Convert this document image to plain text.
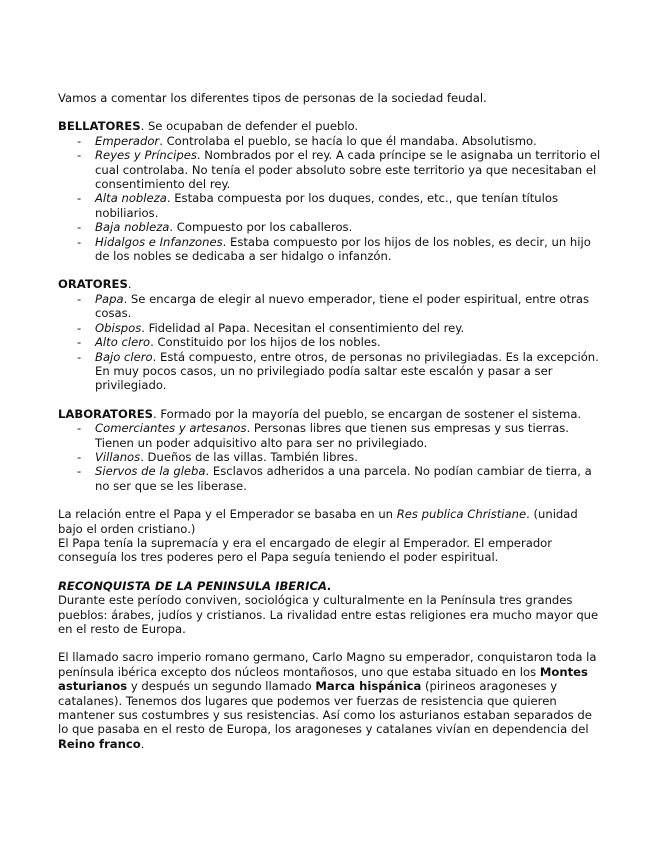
Vamos a comentar los diferentes tipos de personas de la sociedad feudal.

BELLATORES. Se ocupaban de defender el pueblo.

- Emperador. Controlaba el pueblo, se hacía lo que él mandaba. Absolutismo.
- Reyes y Príncipes. Nombrados por el rey. A cada príncipe se le asignaba un territorio el cual controlaba. No tenía el poder absoluto sobre este territorio ya que necesitaban el consentimiento del rey.
- Alta nobleza. Estaba compuesta por los duques, condes, etc., que tenían títulos nobiliarios.
- Baja nobleza. Compuesto por los caballeros.
- Hidalgos e Infanzones. Estaba compuesto por los hijos de los nobles, es decir, un hijo de los nobles se dedicaba a ser hidalgo o infanzón.

ORATORES.

- Papa. Se encarga de elegir al nuevo emperador, tiene el poder espiritual, entre otras cosas.
- Obispos. Fidelidad al Papa. Necesitan el consentimiento del rey.
- Alto clero. Constituido por los hijos de los nobles.
- Bajo clero. Está compuesto, entre otros, de personas no privilegiadas. Es la excepción. En muy pocos casos, un no privilegiado podía saltar este escalón y pasar a ser privilegiado.

LABORATORES. Formado por la mayoría del pueblo, se encargan de sostener el sistema.

- Comerciantes y artesanos. Personas libres que tienen sus empresas y sus tierras. Tienen un poder adquisitivo alto para ser no privilegiado.
- Villanos. Dueños de las villas. También libres.
- Siervos de la gleba. Esclavos adheridos a una parcela. No podían cambiar de tierra, a no ser que se les liberase.

La relación entre el Papa y el Emperador se basaba en un Res publica Christiane. (unidad bajo el orden cristiano.)

El Papa tenía la supremacía y era el encargado de elegir al Emperador. El emperador conseguía los tres poderes pero el Papa seguía teniendo el poder espiritual.

RECONQUISTA DE LA PENINSULA IBERICA.

Durante este período conviven, sociológica y culturalmente en la Península tres grandes pueblos: árabes, judíos y cristianos. La rivalidad entre estas religiones era mucho mayor que en el resto de Europa.

El llamado sacro imperio romano germano, Carlo Magno su emperador, conquistaron toda la península ibérica excepto dos núcleos montañosos, uno que estaba situado en los Montes asturianos y después un segundo llamado Marca hispánica (pirineos aragoneses y catalanes). Tenemos dos lugares que podemos ver fuerzas de resistencia que quieren mantener sus costumbres y sus resistencias. Así como los asturianos estaban separados de lo que pasaba en el resto de Europa, los aragoneses y catalanes vivían en dependencia del Reino franco.
